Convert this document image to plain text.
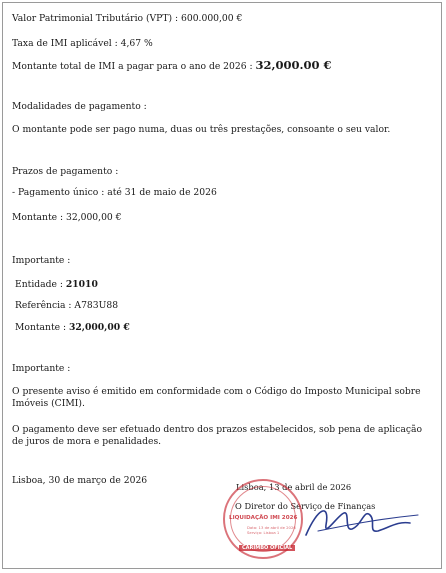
Valor Patrimonial Tributário (VPT) : 600.000,00 €
Taxa de IMI aplicável : 4,67 %
Montante total de IMI a pagar para o ano de 2026 : 32,000.00 €
Modalidades de pagamento :
O montante pode ser pago numa, duas ou três prestações, consoante o seu valor.
Prazos de pagamento :
- Pagamento único : até 31 de maio de 2026
Montante : 32,000,00 €
Importante :
Entidade : 21010
Referência : A783U88
Montante : 32,000,00 €
Importante :
O presente aviso é emitido em conformidade com o Código do Imposto Municipal sobre Imóveis (CIMI).
O pagamento deve ser efetuado dentro dos prazos estabelecidos, sob pena de aplicação de juros de mora e penalidades.
Lisboa, 30 de março de 2026
Lisboa, 13 de abril de 2026
O Diretor do Serviço de Finanças
LIQUIDAÇÃO IMI 2026
Data: 13 de abril de 2026
Serviço: Lisboa 1
CARIMBO OFICIAL
